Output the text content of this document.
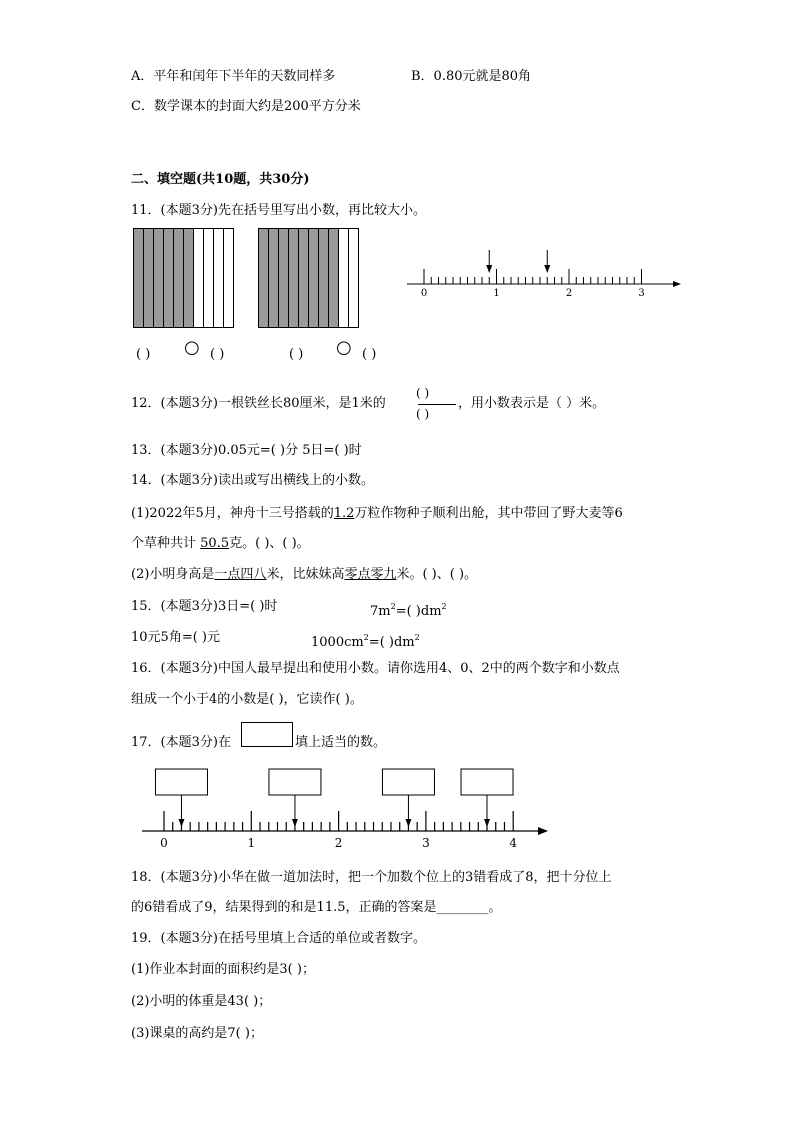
A．平年和闰年下半年的天数同样多	B．0.80元就是80角
C．数学课本的封面大约是200平方分米
二、填空题(共10题，共30分)
11．(本题3分)先在括号里写出小数，再比较大小。
0	1	2	3
( ) ○ ( )	( ) ○ ( )
12．(本题3分)一根铁丝长80厘米，是1米的
( )
( )
，用小数表示是（ ）米。
13．(本题3分)0.05元=( )分 5日=( )时
14．(本题3分)读出或写出横线上的小数。
(1)2022年5月，神舟十三号搭载的1.2万粒作物种子顺利出舱，其中带回了野大麦等6
个草种共计 50.5克。( )、( )。
(2)小明身高是一点四八米，比妹妹高零点零九米。( )、( )。
15．(本题3分)3日=( )时	$7m^2=$( )$dm^2$
10元5角=( )元	$1000cm^2=$( )$dm^2$
16．(本题3分)中国人最早提出和使用小数。请你选用4、0、2中的两个数字和小数点
组成一个小于4的小数是( )，它读作( )。
17．(本题3分)在	填上适当的数。
0	1	2	3	4
18．(本题3分)小华在做一道加法时，把一个加数个位上的3错看成了8，把十分位上
的6错看成了9，结果得到的和是11.5，正确的答案是________。
19．(本题3分)在括号里填上合适的单位或者数字。
(1)作业本封面的面积约是3( )；
(2)小明的体重是43( )；
(3)课桌的高约是7( )；
